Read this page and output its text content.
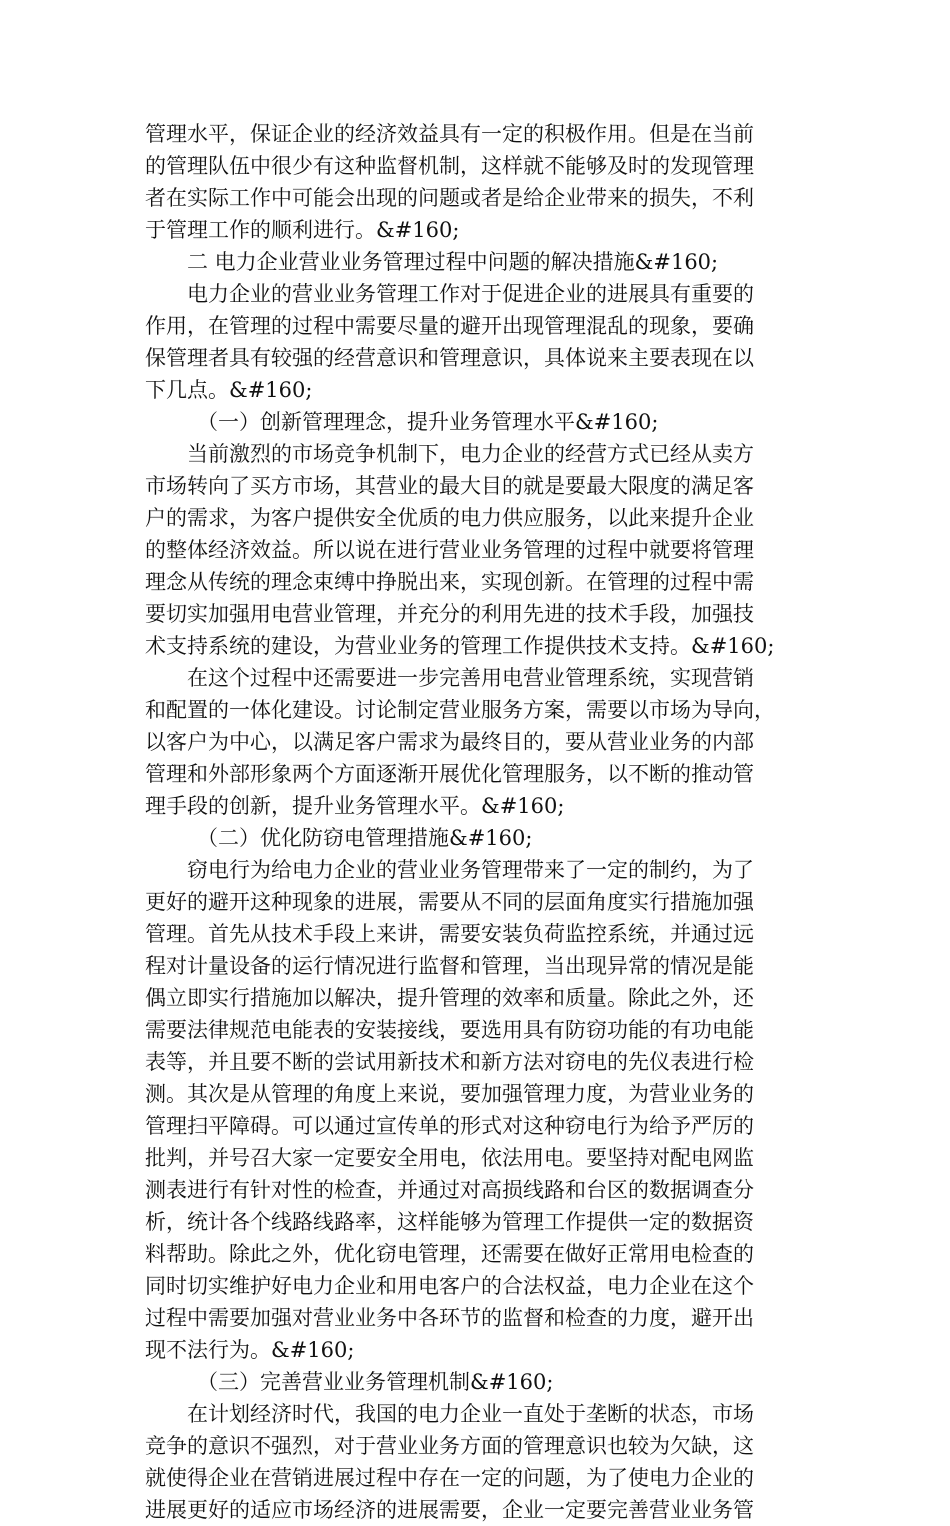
管理水平，保证企业的经济效益具有一定的积极作用。但是在当前
的管理队伍中很少有这种监督机制，这样就不能够及时的发现管理
者在实际工作中可能会出现的问题或者是给企业带来的损失，不利
于管理工作的顺利进行。&#160;
二 电力企业营业业务管理过程中问题的解决措施&#160;
电力企业的营业业务管理工作对于促进企业的进展具有重要的
作用，在管理的过程中需要尽量的避开出现管理混乱的现象，要确
保管理者具有较强的经营意识和管理意识，具体说来主要表现在以
下几点。&#160;
（一）创新管理理念，提升业务管理水平&#160;
当前激烈的市场竞争机制下，电力企业的经营方式已经从卖方
市场转向了买方市场，其营业的最大目的就是要最大限度的满足客
户的需求，为客户提供安全优质的电力供应服务，以此来提升企业
的整体经济效益。所以说在进行营业业务管理的过程中就要将管理
理念从传统的理念束缚中挣脱出来，实现创新。在管理的过程中需
要切实加强用电营业管理，并充分的利用先进的技术手段，加强技
术支持系统的建设，为营业业务的管理工作提供技术支持。&#160;
在这个过程中还需要进一步完善用电营业管理系统，实现营销
和配置的一体化建设。讨论制定营业服务方案，需要以市场为导向，
以客户为中心，以满足客户需求为最终目的，要从营业业务的内部
管理和外部形象两个方面逐渐开展优化管理服务，以不断的推动管
理手段的创新，提升业务管理水平。&#160;
（二）优化防窃电管理措施&#160;
窃电行为给电力企业的营业业务管理带来了一定的制约，为了
更好的避开这种现象的进展，需要从不同的层面角度实行措施加强
管理。首先从技术手段上来讲，需要安装负荷监控系统，并通过远
程对计量设备的运行情况进行监督和管理，当出现异常的情况是能
偶立即实行措施加以解决，提升管理的效率和质量。除此之外，还
需要法律规范电能表的安装接线，要选用具有防窃功能的有功电能
表等，并且要不断的尝试用新技术和新方法对窃电的先仪表进行检
测。其次是从管理的角度上来说，要加强管理力度，为营业业务的
管理扫平障碍。可以通过宣传单的形式对这种窃电行为给予严厉的
批判，并号召大家一定要安全用电，依法用电。要坚持对配电网监
测表进行有针对性的检查，并通过对高损线路和台区的数据调查分
析，统计各个线路线路率，这样能够为管理工作提供一定的数据资
料帮助。除此之外，优化窃电管理，还需要在做好正常用电检查的
同时切实维护好电力企业和用电客户的合法权益，电力企业在这个
过程中需要加强对营业业务中各环节的监督和检查的力度，避开出
现不法行为。&#160;
（三）完善营业业务管理机制&#160;
在计划经济时代，我国的电力企业一直处于垄断的状态，市场
竞争的意识不强烈，对于营业业务方面的管理意识也较为欠缺，这
就使得企业在营销进展过程中存在一定的问题，为了使电力企业的
进展更好的适应市场经济的进展需要，企业一定要完善营业业务管
